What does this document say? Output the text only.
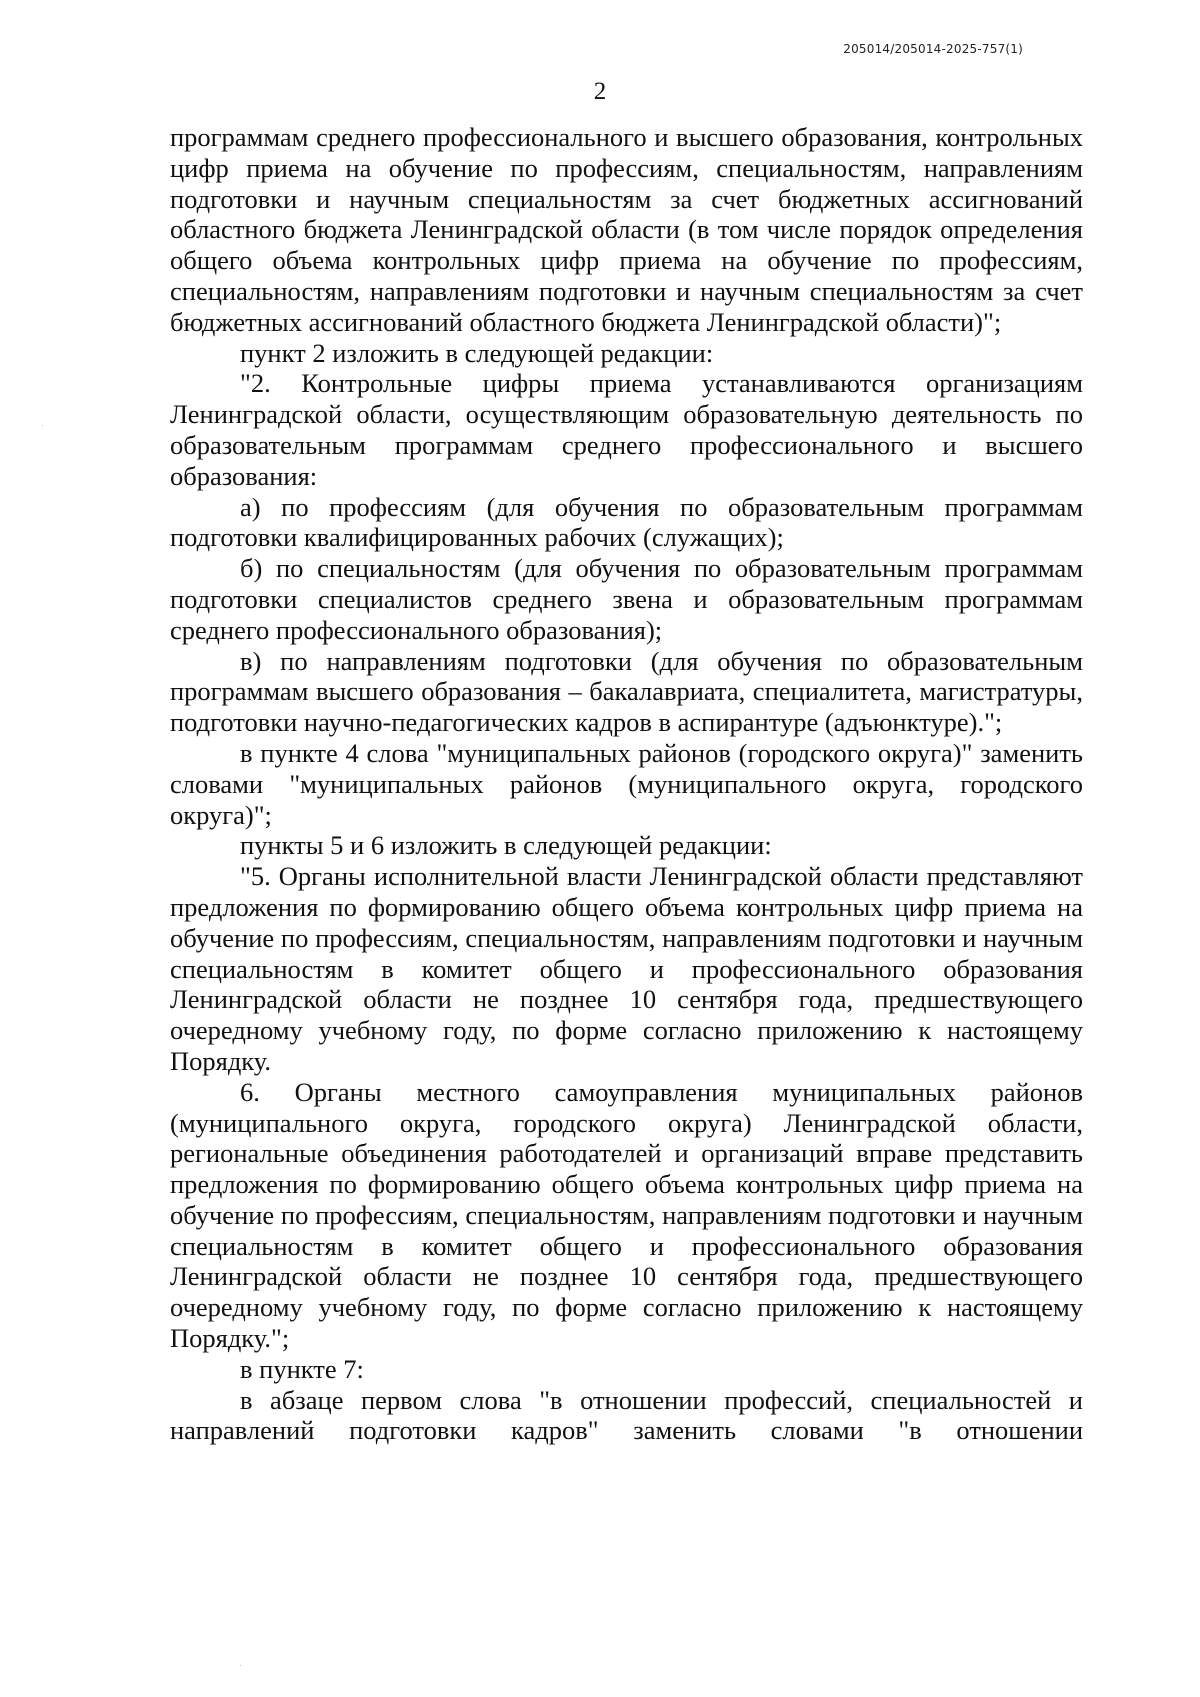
205014/205014-2025-757(1)
2

программам среднего профессионального и высшего образования, контрольных цифр приема на обучение по профессиям, специальностям, направлениям подготовки и научным специальностям за счет бюджетных ассигнований областного бюджета Ленинградской области (в том числе порядок определения общего объема контрольных цифр приема на обучение по профессиям, специальностям, направлениям подготовки и научным специальностям за счет бюджетных ассигнований областного бюджета Ленинградской области)";

пункт 2 изложить в следующей редакции:

"2. Контрольные цифры приема устанавливаются организациям Ленинградской области, осуществляющим образовательную деятельность по образовательным программам среднего профессионального и высшего образования:

а) по профессиям (для обучения по образовательным программам подготовки квалифицированных рабочих (служащих);

б) по специальностям (для обучения по образовательным программам подготовки специалистов среднего звена и образовательным программам среднего профессионального образования);

в) по направлениям подготовки (для обучения по образовательным программам высшего образования – бакалавриата, специалитета, магистратуры, подготовки научно-педагогических кадров в аспирантуре (адъюнктуре).";

в пункте 4 слова "муниципальных районов (городского округа)" заменить словами "муниципальных районов (муниципального округа, городского округа)";

пункты 5 и 6 изложить в следующей редакции:

"5. Органы исполнительной власти Ленинградской области представляют предложения по формированию общего объема контрольных цифр приема на обучение по профессиям, специальностям, направлениям подготовки и научным специальностям в комитет общего и профессионального образования Ленинградской области не позднее 10 сентября года, предшествующего очередному учебному году, по форме согласно приложению к настоящему Порядку.

6. Органы местного самоуправления муниципальных районов (муниципального округа, городского округа) Ленинградской области, региональные объединения работодателей и организаций вправе представить предложения по формированию общего объема контрольных цифр приема на обучение по профессиям, специальностям, направлениям подготовки и научным специальностям в комитет общего и профессионального образования Ленинградской области не позднее 10 сентября года, предшествующего очередному учебному году, по форме согласно приложению к настоящему Порядку.";

в пункте 7:

в абзаце первом слова "в отношении профессий, специальностей и направлений подготовки кадров" заменить словами "в отношении
